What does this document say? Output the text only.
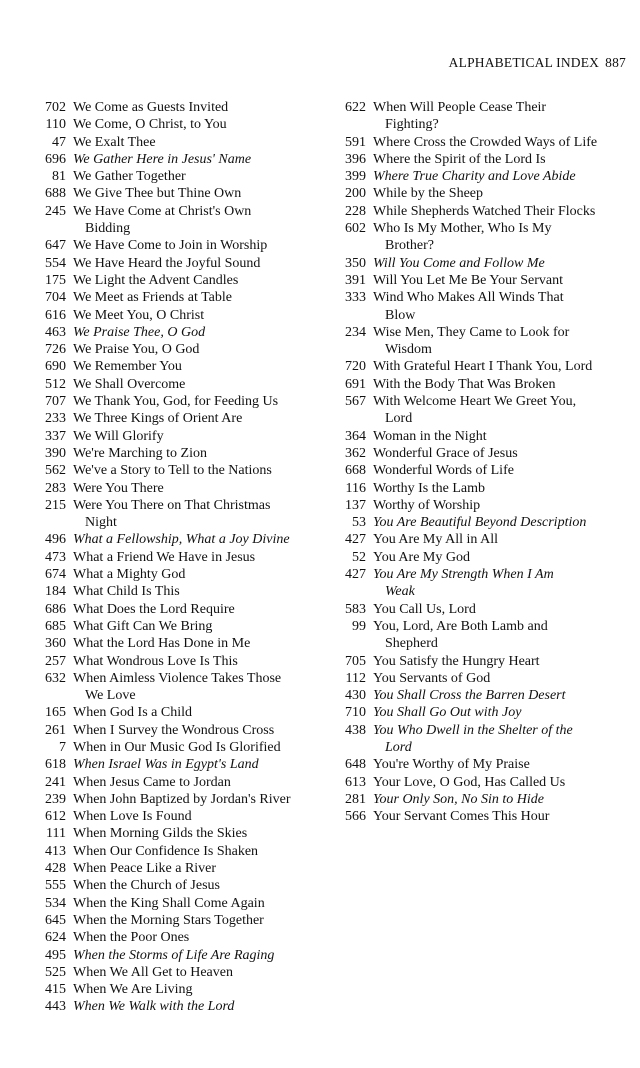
ALPHABETICAL INDEX 887
702 We Come as Guests Invited
110 We Come, O Christ, to You
47 We Exalt Thee
696 We Gather Here in Jesus' Name
81 We Gather Together
688 We Give Thee but Thine Own
245 We Have Come at Christ's Own
Bidding
647 We Have Come to Join in Worship
554 We Have Heard the Joyful Sound
175 We Light the Advent Candles
704 We Meet as Friends at Table
616 We Meet You, O Christ
463 We Praise Thee, O God
726 We Praise You, O God
690 We Remember You
512 We Shall Overcome
707 We Thank You, God, for Feeding Us
233 We Three Kings of Orient Are
337 We Will Glorify
390 We're Marching to Zion
562 We've a Story to Tell to the Nations
283 Were You There
215 Were You There on That Christmas
Night
496 What a Fellowship, What a Joy Divine
473 What a Friend We Have in Jesus
674 What a Mighty God
184 What Child Is This
686 What Does the Lord Require
685 What Gift Can We Bring
360 What the Lord Has Done in Me
257 What Wondrous Love Is This
632 When Aimless Violence Takes Those
We Love
165 When God Is a Child
261 When I Survey the Wondrous Cross
7 When in Our Music God Is Glorified
618 When Israel Was in Egypt's Land
241 When Jesus Came to Jordan
239 When John Baptized by Jordan's River
612 When Love Is Found
111 When Morning Gilds the Skies
413 When Our Confidence Is Shaken
428 When Peace Like a River
555 When the Church of Jesus
534 When the King Shall Come Again
645 When the Morning Stars Together
624 When the Poor Ones
495 When the Storms of Life Are Raging
525 When We All Get to Heaven
415 When We Are Living
443 When We Walk with the Lord
622 When Will People Cease Their
Fighting?
591 Where Cross the Crowded Ways of Life
396 Where the Spirit of the Lord Is
399 Where True Charity and Love Abide
200 While by the Sheep
228 While Shepherds Watched Their Flocks
602 Who Is My Mother, Who Is My
Brother?
350 Will You Come and Follow Me
391 Will You Let Me Be Your Servant
333 Wind Who Makes All Winds That
Blow
234 Wise Men, They Came to Look for
Wisdom
720 With Grateful Heart I Thank You, Lord
691 With the Body That Was Broken
567 With Welcome Heart We Greet You,
Lord
364 Woman in the Night
362 Wonderful Grace of Jesus
668 Wonderful Words of Life
116 Worthy Is the Lamb
137 Worthy of Worship
53 You Are Beautiful Beyond Description
427 You Are My All in All
52 You Are My God
427 You Are My Strength When I Am
Weak
583 You Call Us, Lord
99 You, Lord, Are Both Lamb and
Shepherd
705 You Satisfy the Hungry Heart
112 You Servants of God
430 You Shall Cross the Barren Desert
710 You Shall Go Out with Joy
438 You Who Dwell in the Shelter of the
Lord
648 You're Worthy of My Praise
613 Your Love, O God, Has Called Us
281 Your Only Son, No Sin to Hide
566 Your Servant Comes This Hour
